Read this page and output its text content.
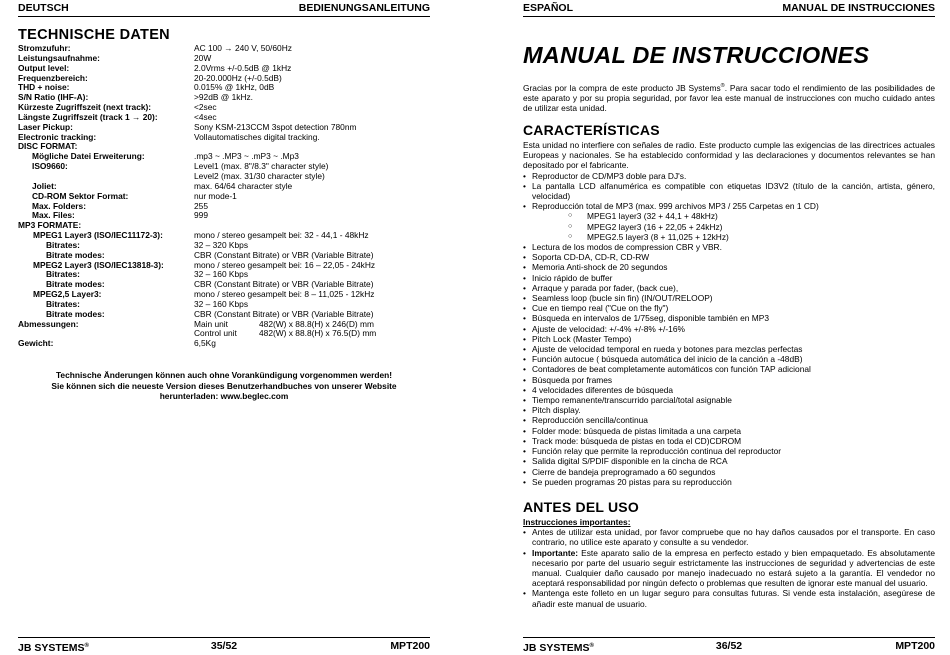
DEUTSCH	BEDIENUNGSANLEITUNG
TECHNISCHE DATEN
Stromzufuhr:	AC 100 → 240 V, 50/60Hz
Leistungsaufnahme:	20W
Output level:	2.0Vrms +/-0.5dB @ 1kHz
Frequenzbereich:	20-20.000Hz (+/-0.5dB)
THD + noise:	0.015% @ 1kHz, 0dB
S/N Ratio (IHF-A):	>92dB @ 1kHz.
Kürzeste Zugriffszeit (next track):	<2sec
Längste Zugriffszeit (track 1 → 20):	<4sec
Laser Pickup:	Sony KSM-213CCM 3spot detection 780nm
Electronic tracking:	Vollautomatisches digital tracking.
DISC FORMAT:
Mögliche Datei Erweiterung:	.mp3 ~ .MP3 ~ .mP3 ~ .Mp3
ISO9660:	Level1 (max. 8"/8.3" character style)
Level2 (max. 31/30 character style)
Joliet:	max. 64/64 character style
CD-ROM Sektor Format:	nur mode-1
Max. Folders:	255
Max. Files:	999
MP3 FORMATE:
MPEG1 Layer3 (ISO/IEC11172-3):	mono / stereo gesampelt bei: 32 - 44,1 - 48kHz
Bitrates:	32 – 320 Kbps
Bitrate modes:	CBR (Constant Bitrate) or VBR (Variable Bitrate)
MPEG2 Layer3 (ISO/IEC13818-3):	mono / stereo gesampelt bei: 16 – 22,05 - 24kHz
Bitrates:	32 – 160 Kbps
Bitrate modes:	CBR (Constant Bitrate) or VBR (Variable Bitrate)
MPEG2,5 Layer3:	mono / stereo gesampelt bei: 8 – 11,025 - 12kHz
Bitrates:	32 – 160 Kbps
Bitrate modes:	CBR (Constant Bitrate) or VBR (Variable Bitrate)
Abmessungen:	Main unit	482(W) x 88.8(H) x 246(D) mm
Control unit	482(W) x 88.8(H) x 76.5(D) mm
Gewicht:	6,5Kg
Technische Änderungen können auch ohne Vorankündigung vorgenommen werden!
Sie können sich die neueste Version dieses Benutzerhandbuches von unserer Website
herunterladen: www.beglec.com
JB SYSTEMS®	35/52	MPT200
ESPAÑOL	MANUAL DE INSTRUCCIONES
MANUAL DE INSTRUCCIONES
Gracias por la compra de este producto JB Systems®. Para sacar todo el rendimiento de las posibilidades de este aparato y por su propia seguridad, por favor lea este manual de instrucciones con mucho cuidado antes de utilizar esta unidad.
CARACTERÍSTICAS

Esta unidad no interfiere con señales de radio. Este producto cumple las exigencias de las directrices actuales Europeas y nacionales. Se ha establecido conformidad y las declaraciones y documentos relevantes se han depositado por el fabricante.

• Reproductor de CD/MP3 doble para DJ's.
• La pantalla LCD alfanumérica es compatible con etiquetas ID3V2 (título de la canción, artista, género, velocidad)
• Reproducción total de MP3 (max. 999 archivos MP3 / 255 Carpetas en 1 CD)
○ MPEG1 layer3 (32 + 44,1 + 48kHz)
○ MPEG2 layer3 (16 + 22,05 + 24kHz)
○ MPEG2.5 layer3 (8 + 11,025 + 12kHz)
• Lectura de los modos de compression CBR y VBR.
• Soporta CD-DA, CD-R, CD-RW
• Memoria Anti-shock de 20 segundos
• Inicio rápido de buffer
• Arraque y parada por fader, (back cue),
• Seamless loop (bucle sin fin) (IN/OUT/RELOOP)
• Cue en tiempo real ("Cue on the fly")
• Búsqueda en intervalos de 1/75seg, disponible también en MP3
• Ajuste de velocidad: +/-4% +/-8% +/-16%
• Pitch Lock (Master Tempo)
• Ajuste de velocidad temporal en rueda y botones para mezclas perfectas
• Función autocue ( búsqueda automática del inicio de la canción a -48dB)
• Contadores de beat completamente automáticos con función TAP adicional
• Búsqueda por frames
• 4 velocidades diferentes de búsqueda
• Tiempo remanente/transcurrido parcial/total asignable
• Pitch display.
• Reproducción sencilla/continua
• Folder mode: búsqueda de pistas limitada a una carpeta
• Track mode: búsqueda de pistas en toda el CD)CDROM
• Función relay que permite la reproducción continua del reproductor
• Salida digital S/PDIF disponible en la cincha de RCA
• Cierre de bandeja preprogramado a 60 segundos
• Se pueden programas 20 pistas para su reproducción
ANTES DEL USO
Instrucciones importantes:
• Antes de utilizar esta unidad, por favor compruebe que no hay daños causados por el transporte. En caso contrario, no utilice este aparato y consulte a su vendedor.
• Importante: Este aparato salio de la empresa en perfecto estado y bien empaquetado. Es absolutamente necesario por parte del usuario seguir estrictamente las instrucciones de seguridad y advertencias de este manual. Cualquier daño causado por manejo inadecuado no estará sujeto a la garantía. El vendedor no aceptará responsabilidad por ningún defecto o problemas que resulten de ignorar este manual del usuario.
• Mantenga este folleto en un lugar seguro para consultas futuras. Si vende esta instalación, asegúrese de añadir este manual de usuario.
JB SYSTEMS®	36/52	MPT200
